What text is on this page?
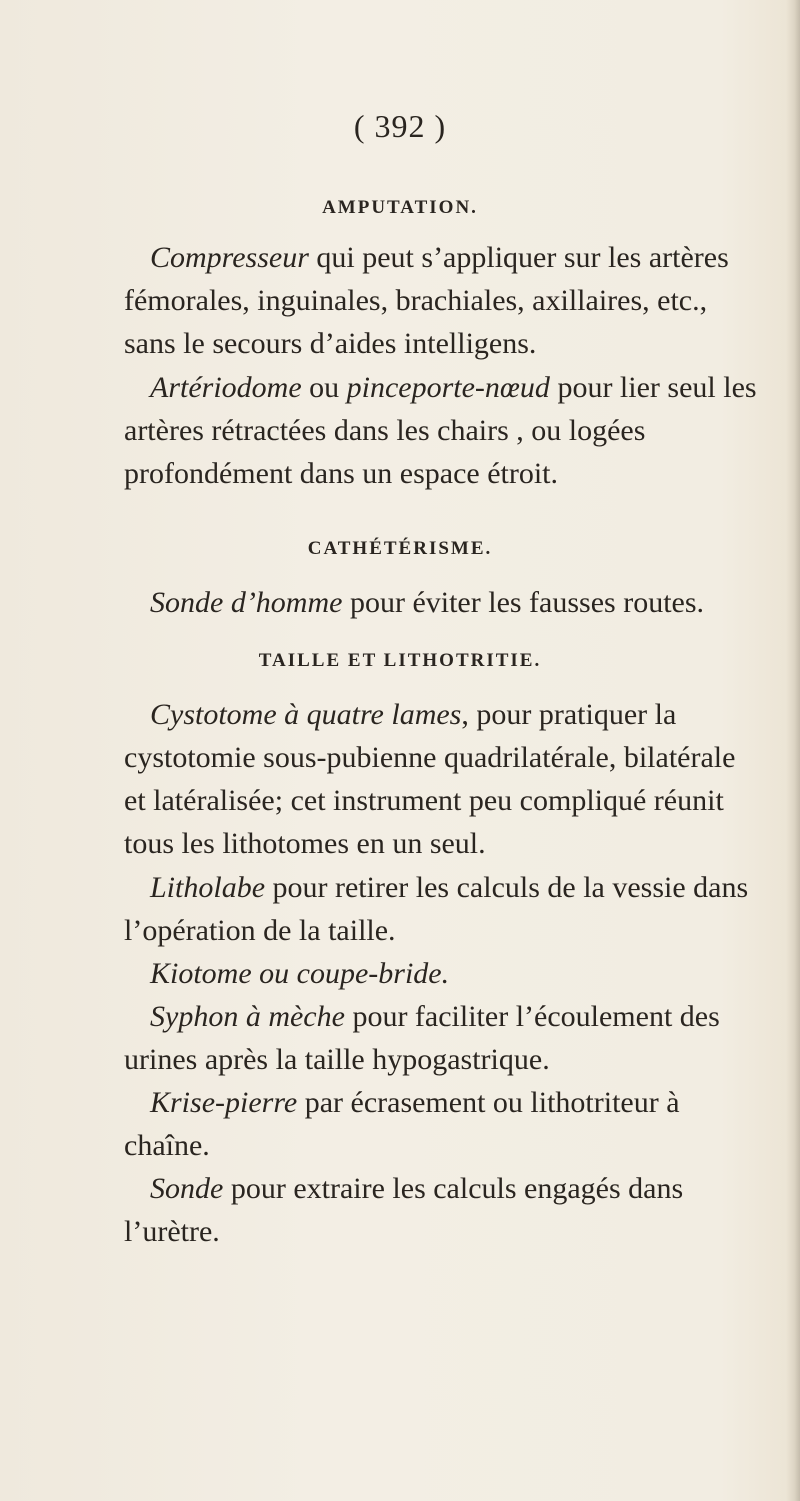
( 392 )

AMPUTATION.

Compresseur qui peut s’appliquer sur les artères fémorales, inguinales, brachiales, axillaires, etc., sans le secours d’aides intelligens.

Artériodome ou pinceporte-nœud pour lier seul les artères rétractées dans les chairs , ou logées profondément dans un espace étroit.

CATHÉTÉRISME.

Sonde d’homme pour éviter les fausses routes.

TAILLE ET LITHOTRITIE.

Cystotome à quatre lames, pour pratiquer la cystotomie sous-pubienne quadrilatérale, bilatérale et latéralisée; cet instrument peu compliqué réunit tous les lithotomes en un seul.

Litholabe pour retirer les calculs de la vessie dans l’opération de la taille.

Kiotome ou coupe-bride.

Syphon à mèche pour faciliter l’écoulement des urines après la taille hypogastrique.

Krise-pierre par écrasement ou lithotriteur à chaîne.

Sonde pour extraire les calculs engagés dans l’urètre.
